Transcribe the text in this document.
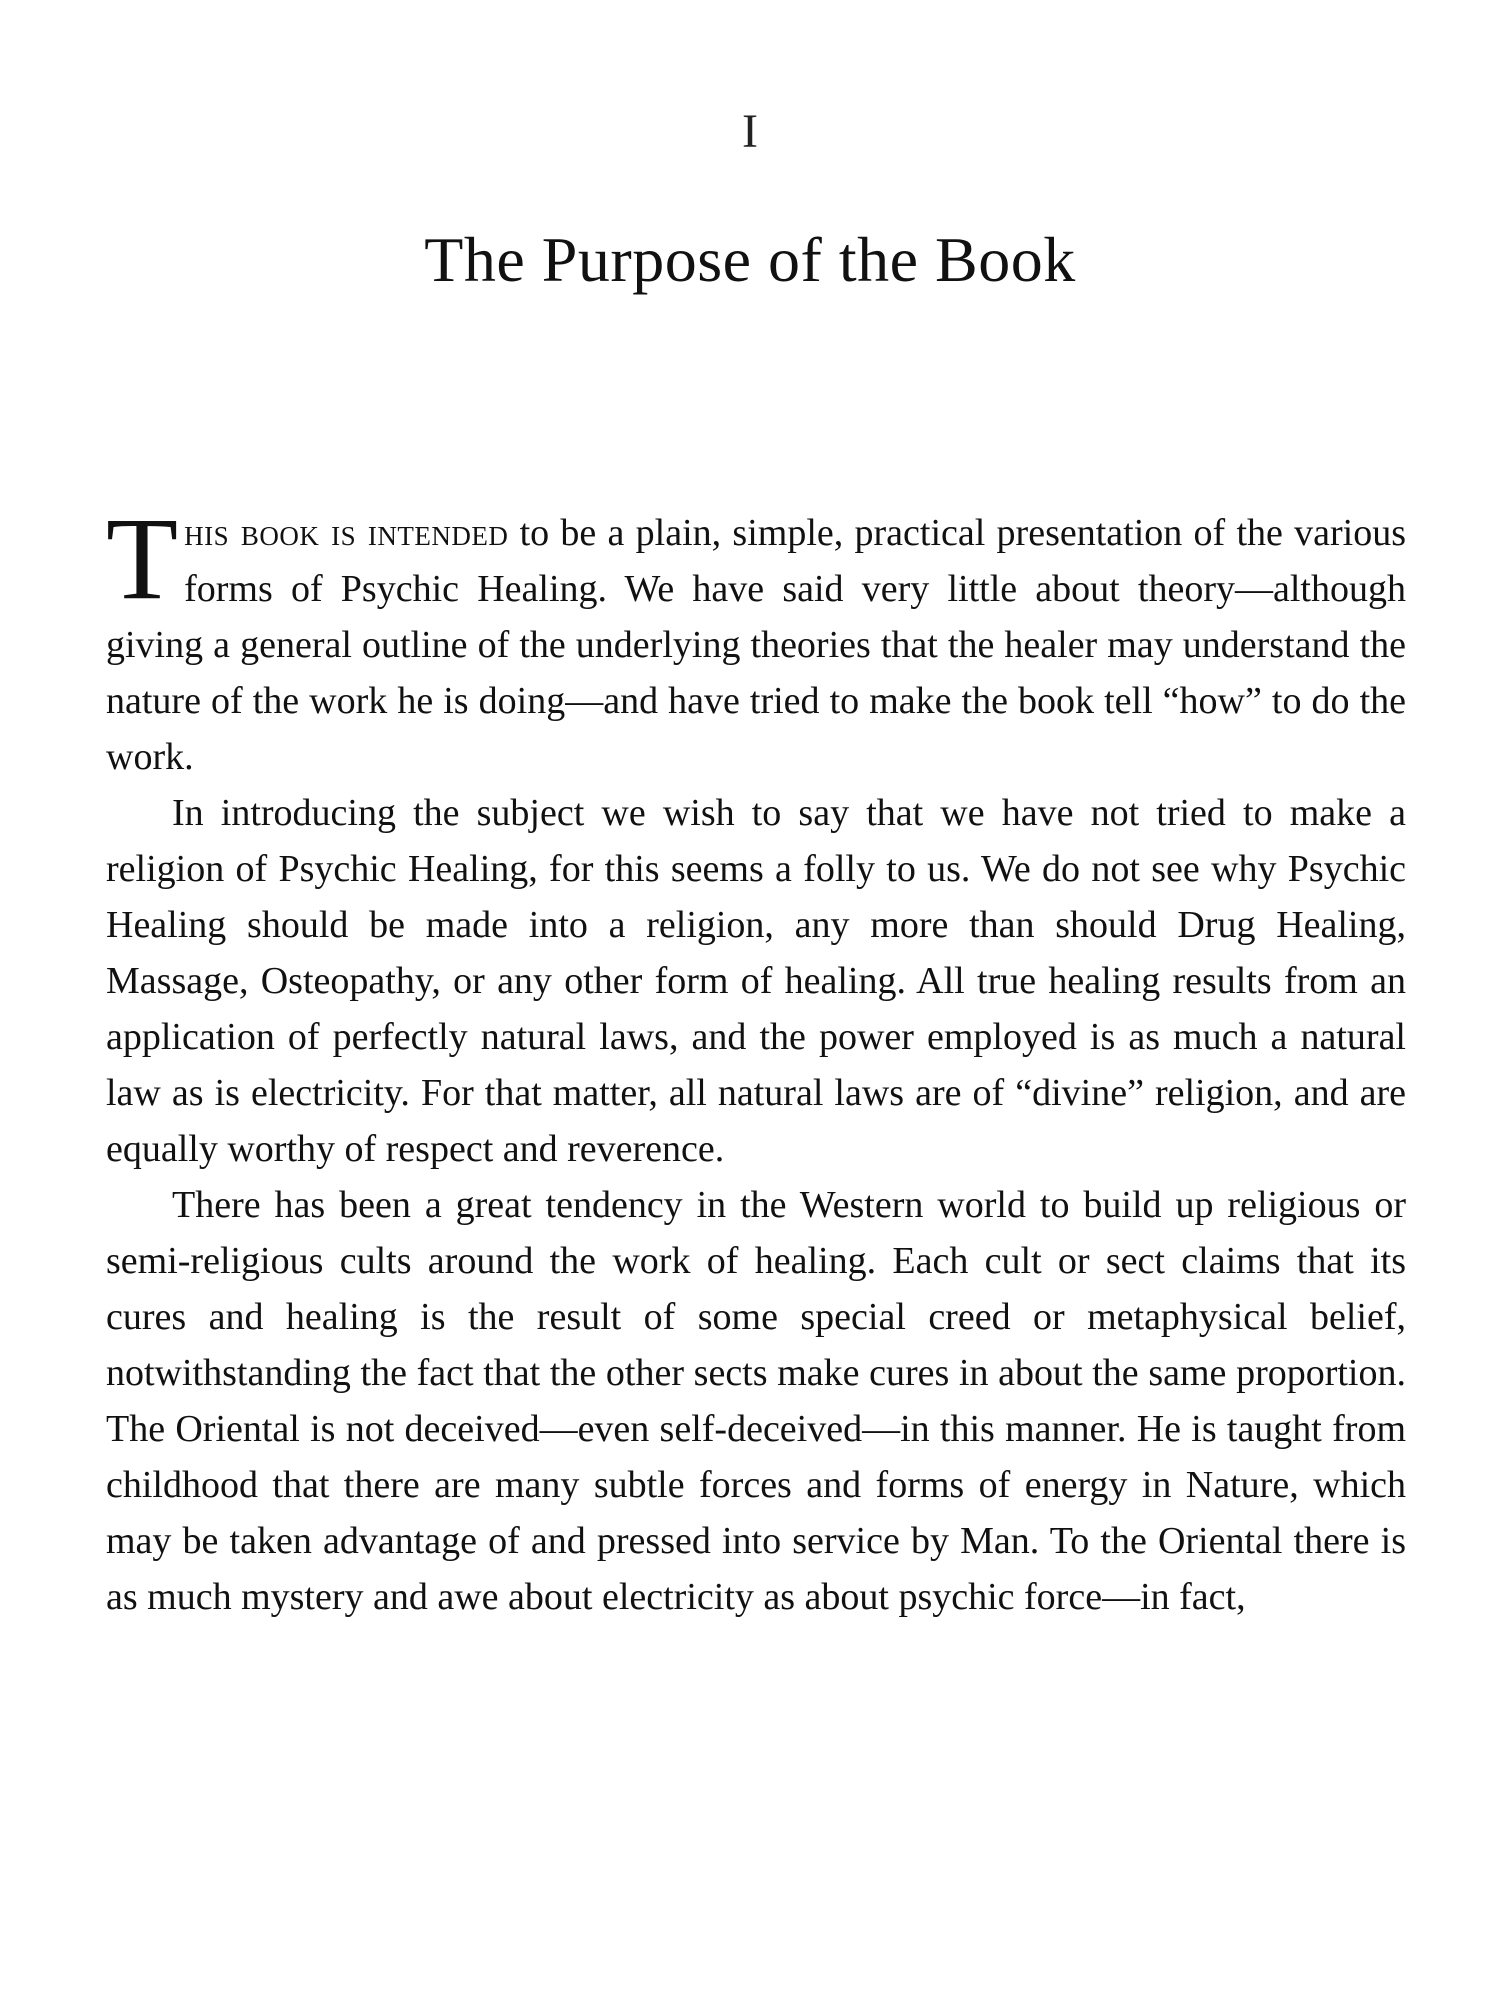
I
The Purpose of the Book

This book is intended to be a plain, simple, practical presentation of the various forms of Psychic Healing. We have said very little about theory—although giving a general outline of the underlying theories that the healer may understand the nature of the work he is doing—and have tried to make the book tell “how” to do the work.

In introducing the subject we wish to say that we have not tried to make a religion of Psychic Healing, for this seems a folly to us. We do not see why Psychic Healing should be made into a religion, any more than should Drug Healing, Massage, Osteopathy, or any other form of healing. All true healing results from an application of perfectly natural laws, and the power employed is as much a natural law as is electricity. For that matter, all natural laws are of “divine” religion, and are equally worthy of respect and reverence.

There has been a great tendency in the Western world to build up religious or semi-religious cults around the work of healing. Each cult or sect claims that its cures and healing is the result of some special creed or metaphysical belief, notwithstanding the fact that the other sects make cures in about the same proportion. The Oriental is not deceived—even self-deceived—in this manner. He is taught from childhood that there are many subtle forces and forms of energy in Nature, which may be taken advantage of and pressed into service by Man. To the Oriental there is as much mystery and awe about electricity as about psychic force—in fact,
